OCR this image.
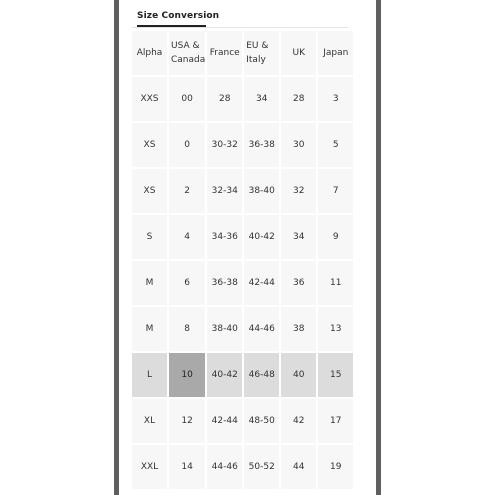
Size Conversion
Alpha	USA & Canada	France	EU & Italy	UK	Japan
XXS	00	28	34	28	3
XS	0	30-32	36-38	30	5
XS	2	32-34	38-40	32	7
S	4	34-36	40-42	34	9
M	6	36-38	42-44	36	11
M	8	38-40	44-46	38	13
L	10	40-42	46-48	40	15
XL	12	42-44	48-50	42	17
XXL	14	44-46	50-52	44	19
